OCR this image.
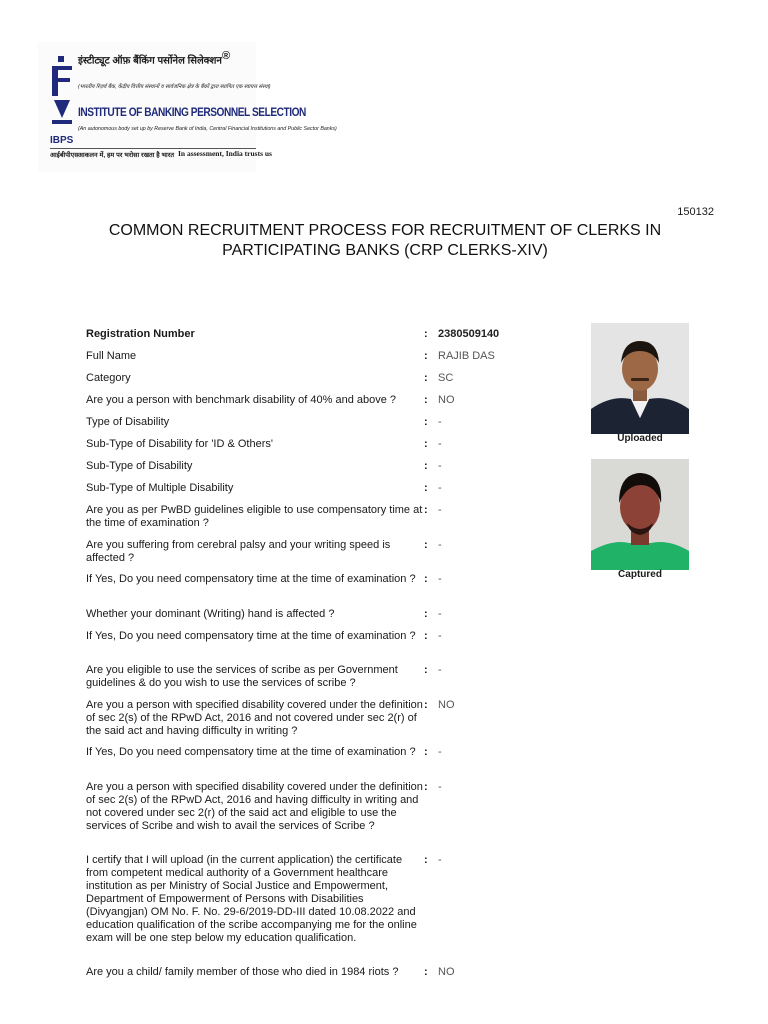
इंस्टीट्यूट ऑफ़ बैंकिंग पर्सोनेल सिलेक्शन®
(भारतीय रिज़र्व बैंक, केंद्रीय वित्तीय संस्थानों व सार्वजनिक क्षेत्र के बैंकों द्वारा स्थापित एक स्वायत्त संस्था)
INSTITUTE OF BANKING PERSONNEL SELECTION
(An autonomous body set up by Reserve Bank of India, Central Financial Institutions and Public Sector Banks)
IBPS
आईबीपीएस आकलन में, हम पर भरोसा रखता है भारत In assessment, India trusts us
150132
COMMON RECRUITMENT PROCESS FOR RECRUITMENT OF CLERKS IN PARTICIPATING BANKS (CRP CLERKS-XIV)
Registration Number	: 2380509140
Full Name	: RAJIB DAS
Category	: SC
Are you a person with benchmark disability of 40% and above ?	: NO
Type of Disability	: -
Sub-Type of Disability for 'ID & Others'	: -
Sub-Type of Disability	: -
Sub-Type of Multiple Disability	: -
Are you as per PwBD guidelines eligible to use compensatory time at the time of examination ?
: -
Are you suffering from cerebral palsy and your writing speed is affected ?
: -
If Yes, Do you need compensatory time at the time of examination ? : -
Whether your dominant (Writing) hand is affected ?	: -
If Yes, Do you need compensatory time at the time of examination ? : -
Are you eligible to use the services of scribe as per Government guidelines & do you wish to use the services of scribe ?
: -
Are you a person with specified disability covered under the definition of sec 2(s) of the RPwD Act, 2016 and not covered under sec 2(r) of the said act and having difficulty in writing ?
: NO
If Yes, Do you need compensatory time at the time of examination ? : -
Are you a person with specified disability covered under the definition of sec 2(s) of the RPwD Act, 2016 and having difficulty in writing and not covered under sec 2(r) of the said act and eligible to use the services of Scribe and wish to avail the services of Scribe ?
: -
I certify that I will upload (in the current application) the certificate from competent medical authority of a Government healthcare institution as per Ministry of Social Justice and Empowerment, Department of Empowerment of Persons with Disabilities (Divyangjan) OM No. F. No. 29-6/2019-DD-III dated 10.08.2022 and education qualification of the scribe accompanying me for the online exam will be one step below my education qualification.
: -
Are you a child/ family member of those who died in 1984 riots ?	: NO
Uploaded
Captured
